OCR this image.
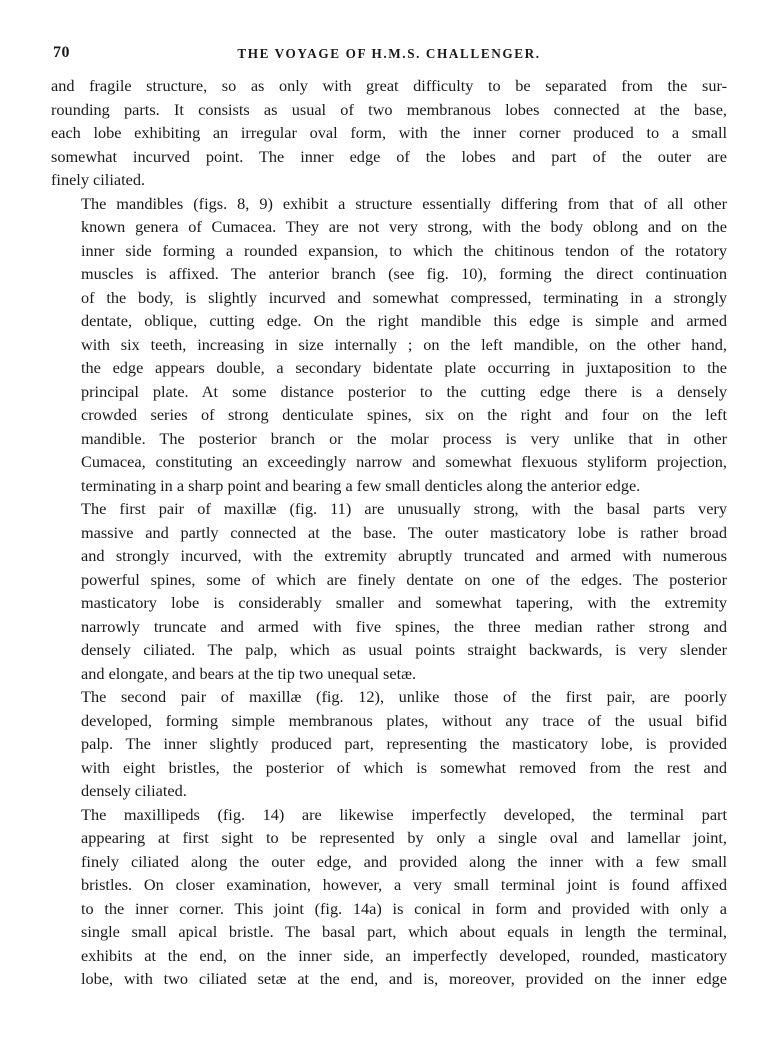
70	THE VOYAGE OF H.M.S. CHALLENGER.

and fragile structure, so as only with great difficulty to be separated from the sur-
rounding parts. It consists as usual of two membranous lobes connected at the base,
each lobe exhibiting an irregular oval form, with the inner corner produced to a small
somewhat incurved point. The inner edge of the lobes and part of the outer are
finely ciliated.

The mandibles (figs. 8, 9) exhibit a structure essentially differing from that of all other
known genera of Cumacea. They are not very strong, with the body oblong and on the
inner side forming a rounded expansion, to which the chitinous tendon of the rotatory
muscles is affixed. The anterior branch (see fig. 10), forming the direct continuation
of the body, is slightly incurved and somewhat compressed, terminating in a strongly
dentate, oblique, cutting edge. On the right mandible this edge is simple and armed
with six teeth, increasing in size internally ; on the left mandible, on the other hand,
the edge appears double, a secondary bidentate plate occurring in juxtaposition to the
principal plate. At some distance posterior to the cutting edge there is a densely
crowded series of strong denticulate spines, six on the right and four on the left
mandible. The posterior branch or the molar process is very unlike that in other
Cumacea, constituting an exceedingly narrow and somewhat flexuous styliform projection,
terminating in a sharp point and bearing a few small denticles along the anterior edge.

The first pair of maxillæ (fig. 11) are unusually strong, with the basal parts very
massive and partly connected at the base. The outer masticatory lobe is rather broad
and strongly incurved, with the extremity abruptly truncated and armed with numerous
powerful spines, some of which are finely dentate on one of the edges. The posterior
masticatory lobe is considerably smaller and somewhat tapering, with the extremity
narrowly truncate and armed with five spines, the three median rather strong and
densely ciliated. The palp, which as usual points straight backwards, is very slender
and elongate, and bears at the tip two unequal setæ.

The second pair of maxillæ (fig. 12), unlike those of the first pair, are poorly
developed, forming simple membranous plates, without any trace of the usual bifid
palp. The inner slightly produced part, representing the masticatory lobe, is provided
with eight bristles, the posterior of which is somewhat removed from the rest and
densely ciliated.

The maxillipeds (fig. 14) are likewise imperfectly developed, the terminal part
appearing at first sight to be represented by only a single oval and lamellar joint,
finely ciliated along the outer edge, and provided along the inner with a few small
bristles. On closer examination, however, a very small terminal joint is found affixed
to the inner corner. This joint (fig. 14a) is conical in form and provided with only a
single small apical bristle. The basal part, which about equals in length the terminal,
exhibits at the end, on the inner side, an imperfectly developed, rounded, masticatory
lobe, with two ciliated setæ at the end, and is, moreover, provided on the inner edge
